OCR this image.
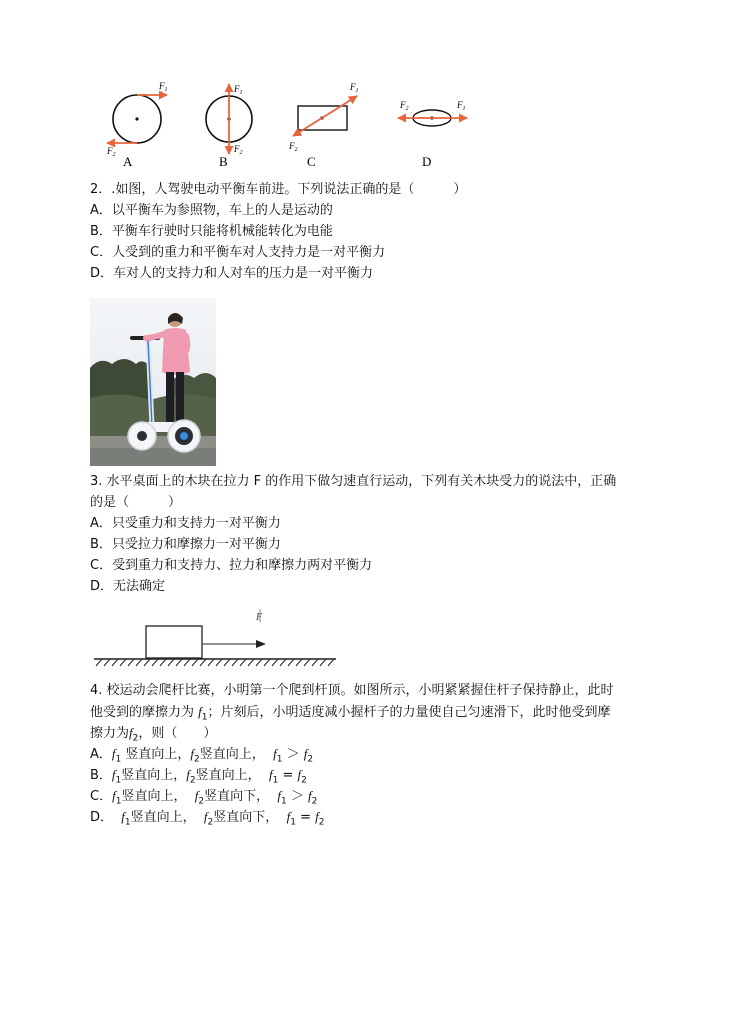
$F_1$
$F_2$ A
$F_1$
$F_2$
B
$F_1$
$F_2$
C
$F_1$
$F_2$
D
2．.如图，人驾驶电动平衡车前进。下列说法正确的是（　　　）
A．以平衡车为参照物，车上的人是运动的
B．平衡车行驶时只能将机械能转化为电能
C．人受到的重力和平衡车对人支持力是一对平衡力
D．车对人的支持力和人对车的压力是一对平衡力
3. 水平桌面上的木块在拉力 F 的作用下做匀速直行运动，下列有关木块受力的说法中，正确
的是（　　　）
A．只受重力和支持力一对平衡力
B．只受拉力和摩擦力一对平衡力
C．受到重力和支持力、拉力和摩擦力两对平衡力
D．无法确定
F
4. 校运动会爬杆比赛，小明第一个爬到杆顶。如图所示，小明紧紧握住杆子保持静止，此时
他受到的摩擦力为 $f_1$；片刻后，小明适度减小握杆子的力量使自己匀速滑下，此时他受到摩
擦力为$f_2$，则（　　）
A．$f_1$ 竖直向上，$f_2$竖直向上， $f_1 > f_2$
B．$f_1$竖直向上，$f_2$竖直向上， $f_1 = f_2$
C．$f_1$竖直向上， $f_2$竖直向下， $f_1 > f_2$
D． $f_1$竖直向上， $f_2$竖直向下， $f_1 = f_2$
